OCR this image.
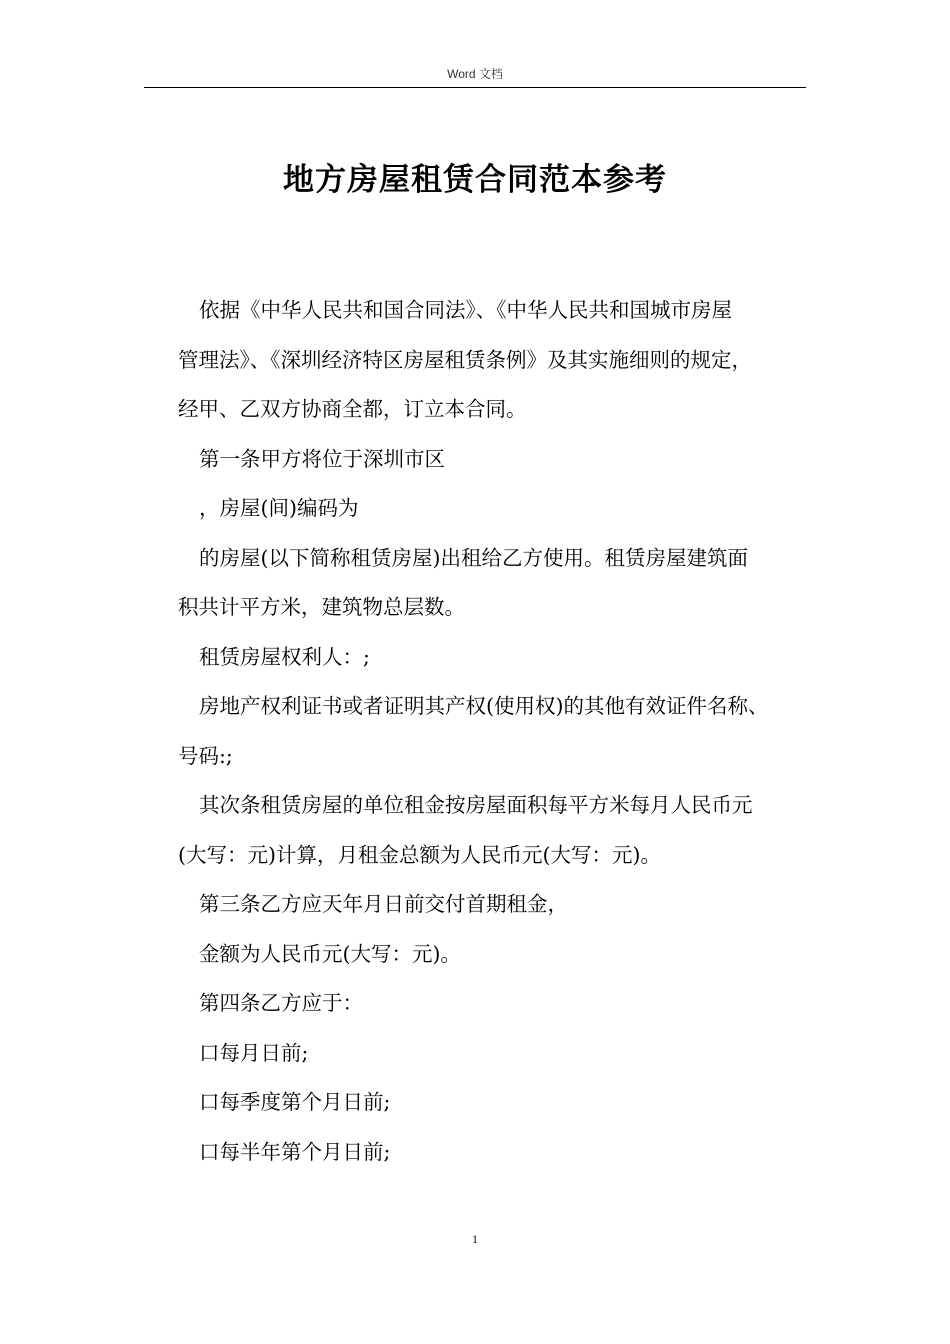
Word 文档
地方房屋租赁合同范本参考

依据《中华人民共和国合同法》、《中华人民共和国城市房屋
管理法》、《深圳经济特区房屋租赁条例》及其实施细则的规定，
经甲、乙双方协商全都，订立本合同。

第一条甲方将位于深圳市区

，房屋(间)编码为

的房屋(以下简称租赁房屋)出租给乙方使用。租赁房屋建筑面
积共计平方米，建筑物总层数。

租赁房屋权利人：;

房地产权利证书或者证明其产权(使用权)的其他有效证件名称、
号码:;

其次条租赁房屋的单位租金按房屋面积每平方米每月人民币元
(大写：元)计算，月租金总额为人民币元(大写：元)。

第三条乙方应天年月日前交付首期租金，

金额为人民币元(大写：元)。

第四条乙方应于：

口每月日前;

口每季度第个月日前;

口每半年第个月日前;

1
